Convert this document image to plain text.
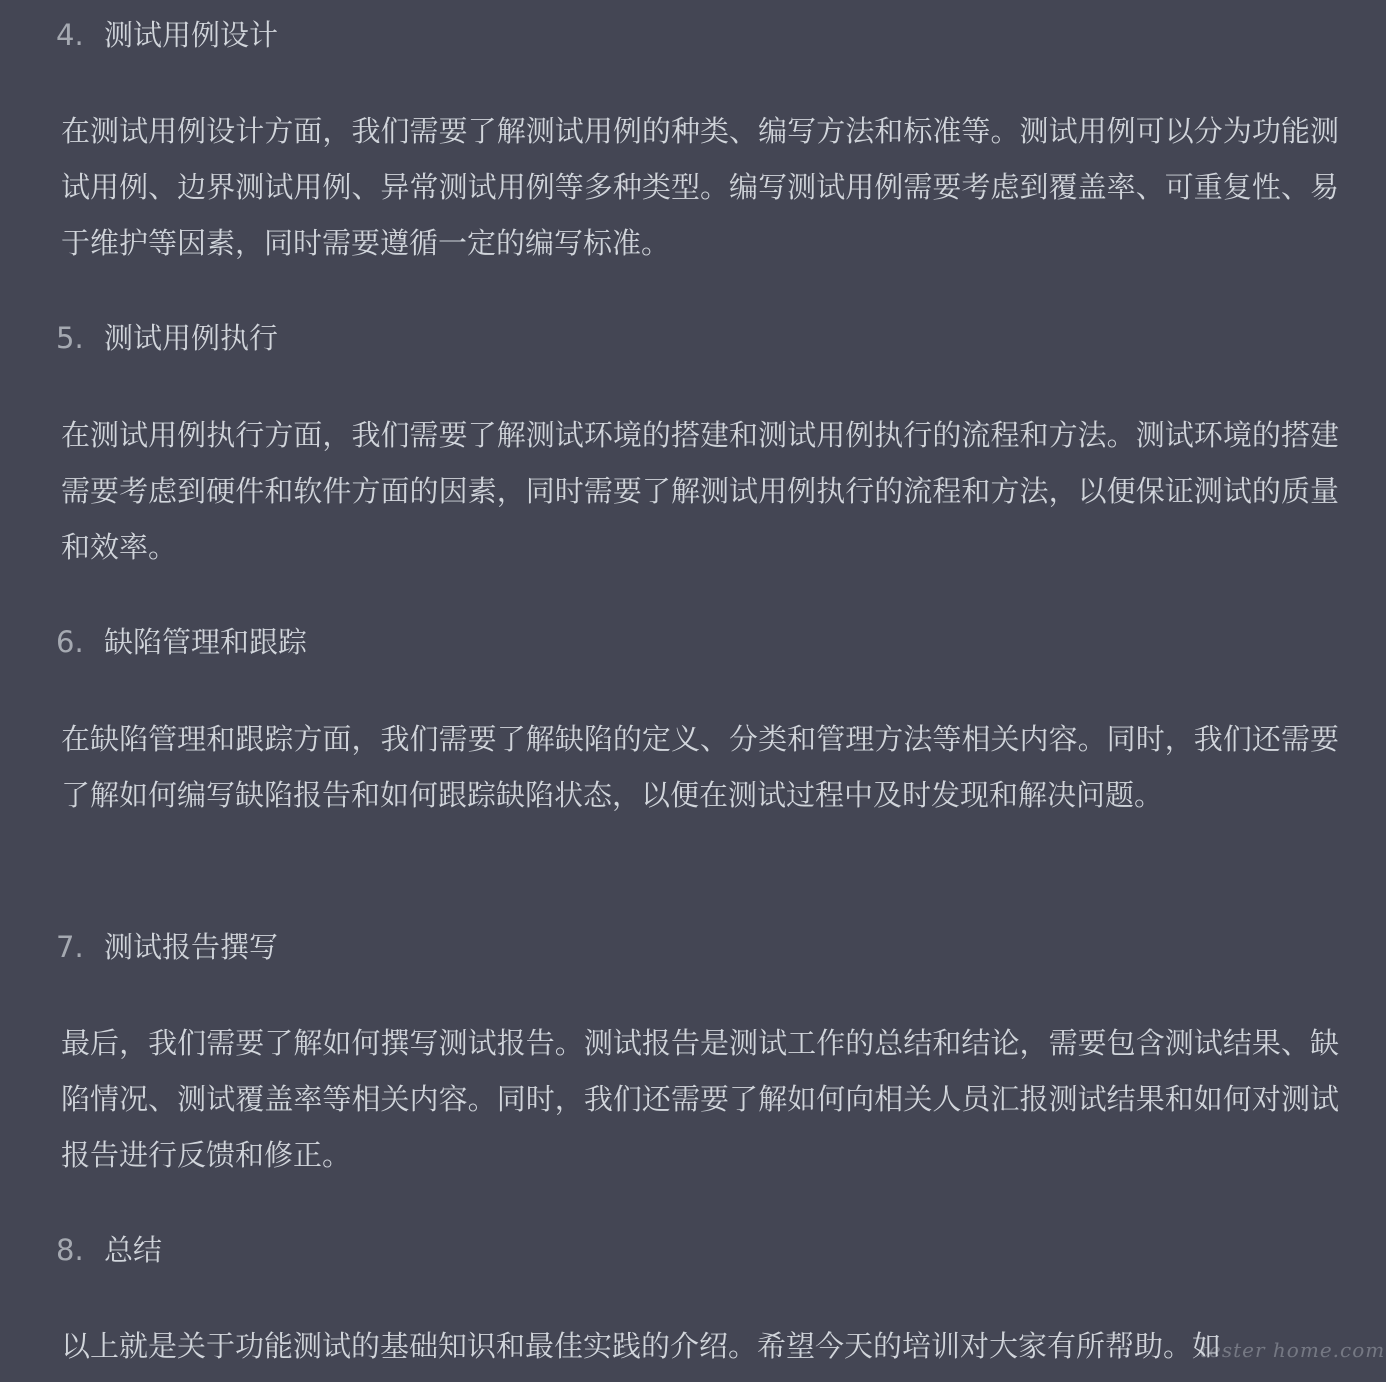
4. 测试用例设计
在测试用例设计方面，我们需要了解测试用例的种类、编写方法和标准等。测试用例可以分为功能测试用例、边界测试用例、异常测试用例等多种类型。编写测试用例需要考虑到覆盖率、可重复性、易于维护等因素，同时需要遵循一定的编写标准。
5. 测试用例执行
在测试用例执行方面，我们需要了解测试环境的搭建和测试用例执行的流程和方法。测试环境的搭建需要考虑到硬件和软件方面的因素，同时需要了解测试用例执行的流程和方法，以便保证测试的质量和效率。
6. 缺陷管理和跟踪
在缺陷管理和跟踪方面，我们需要了解缺陷的定义、分类和管理方法等相关内容。同时，我们还需要了解如何编写缺陷报告和如何跟踪缺陷状态，以便在测试过程中及时发现和解决问题。
7. 测试报告撰写
最后，我们需要了解如何撰写测试报告。测试报告是测试工作的总结和结论，需要包含测试结果、缺陷情况、测试覆盖率等相关内容。同时，我们还需要了解如何向相关人员汇报测试结果和如何对测试报告进行反馈和修正。
8. 总结
以上就是关于功能测试的基础知识和最佳实践的介绍。希望今天的培训对大家有所帮助。如
tester home.com
